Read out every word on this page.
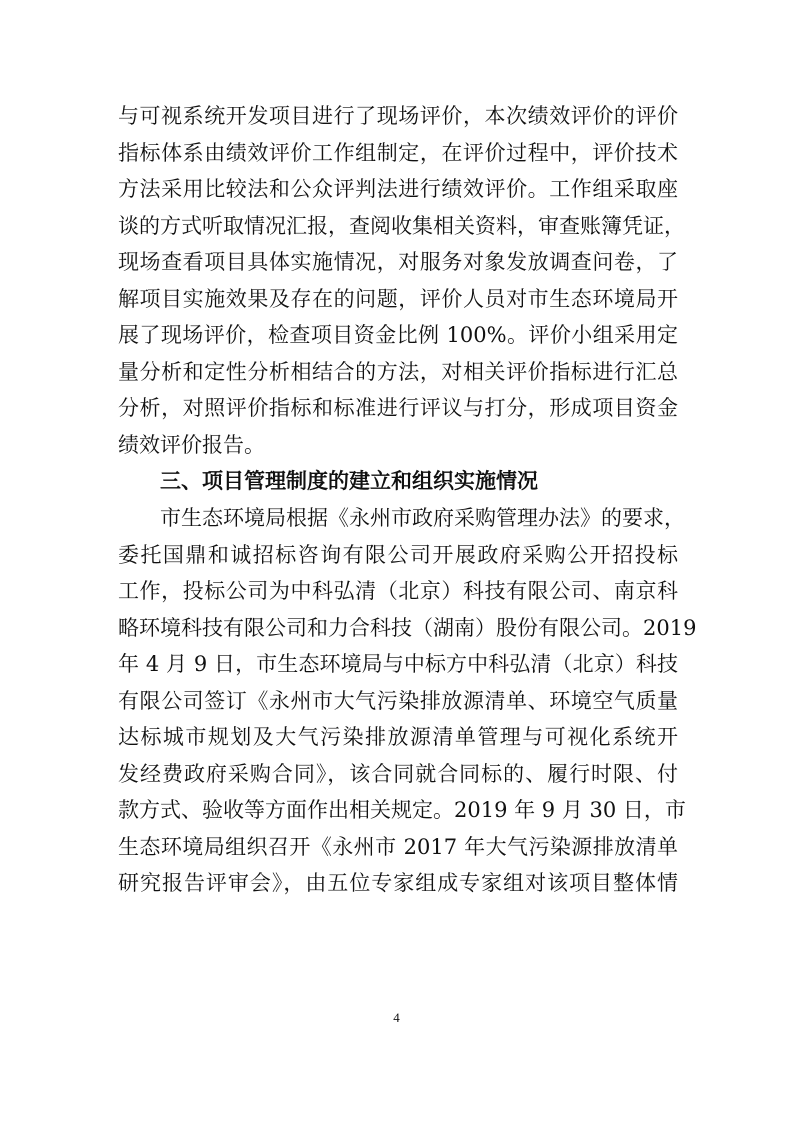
与可视系统开发项目进行了现场评价，本次绩效评价的评价
指标体系由绩效评价工作组制定，在评价过程中，评价技术
方法采用比较法和公众评判法进行绩效评价。工作组采取座
谈的方式听取情况汇报，查阅收集相关资料，审查账簿凭证，
现场查看项目具体实施情况，对服务对象发放调查问卷，了
解项目实施效果及存在的问题，评价人员对市生态环境局开
展了现场评价，检查项目资金比例 100%。评价小组采用定
量分析和定性分析相结合的方法，对相关评价指标进行汇总
分析，对照评价指标和标准进行评议与打分，形成项目资金
绩效评价报告。
三、项目管理制度的建立和组织实施情况
市生态环境局根据《永州市政府采购管理办法》的要求，
委托国鼎和诚招标咨询有限公司开展政府采购公开招投标
工作，投标公司为中科弘清（北京）科技有限公司、南京科
略环境科技有限公司和力合科技（湖南）股份有限公司。2019
年 4 月 9 日，市生态环境局与中标方中科弘清（北京）科技
有限公司签订《永州市大气污染排放源清单、环境空气质量
达标城市规划及大气污染排放源清单管理与可视化系统开
发经费政府采购合同》，该合同就合同标的、履行时限、付
款方式、验收等方面作出相关规定。2019 年 9 月 30 日，市
生态环境局组织召开《永州市 2017 年大气污染源排放清单
研究报告评审会》，由五位专家组成专家组对该项目整体情
4
